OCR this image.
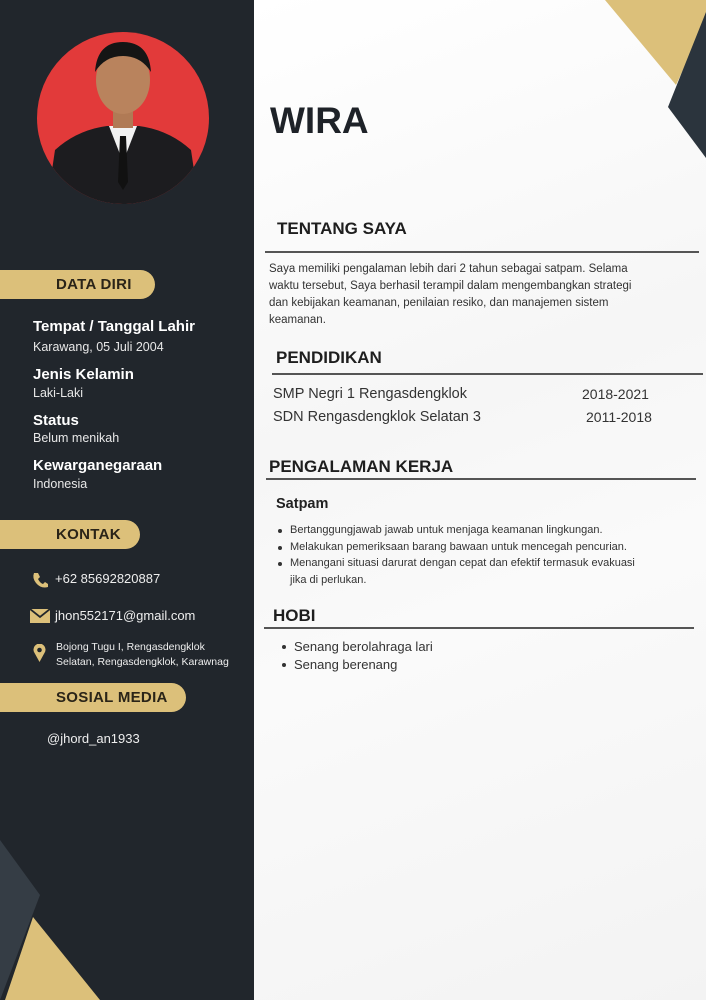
WIRA
DATA DIRI
Tempat / Tanggal Lahir
Karawang, 05 Juli 2004
Jenis Kelamin
Laki-Laki
Status
Belum menikah
Kewarganegaraan
Indonesia
KONTAK
+62 85692820887
jhon552171@gmail.com
Bojong Tugu I, Rengasdengklok
Selatan, Rengasdengklok, Karawnag
SOSIAL MEDIA
@jhord_an1933
TENTANG SAYA
Saya memiliki pengalaman lebih dari 2 tahun sebagai satpam. Selama
waktu tersebut, Saya berhasil terampil dalam mengembangkan strategi
dan kebijakan keamanan, penilaian resiko, dan manajemen sistem
keamanan.
PENDIDIKAN
SMP Negri 1 Rengasdengklok	2018-2021
SDN Rengasdengklok Selatan 3	2011-2018
PENGALAMAN KERJA
Satpam
Bertanggungjawab jawab untuk menjaga keamanan lingkungan.
Melakukan pemeriksaan barang bawaan untuk mencegah pencurian.
Menangani situasi darurat dengan cepat dan efektif termasuk evakuasi
jika di perlukan.
HOBI
Senang berolahraga lari
Senang berenang
